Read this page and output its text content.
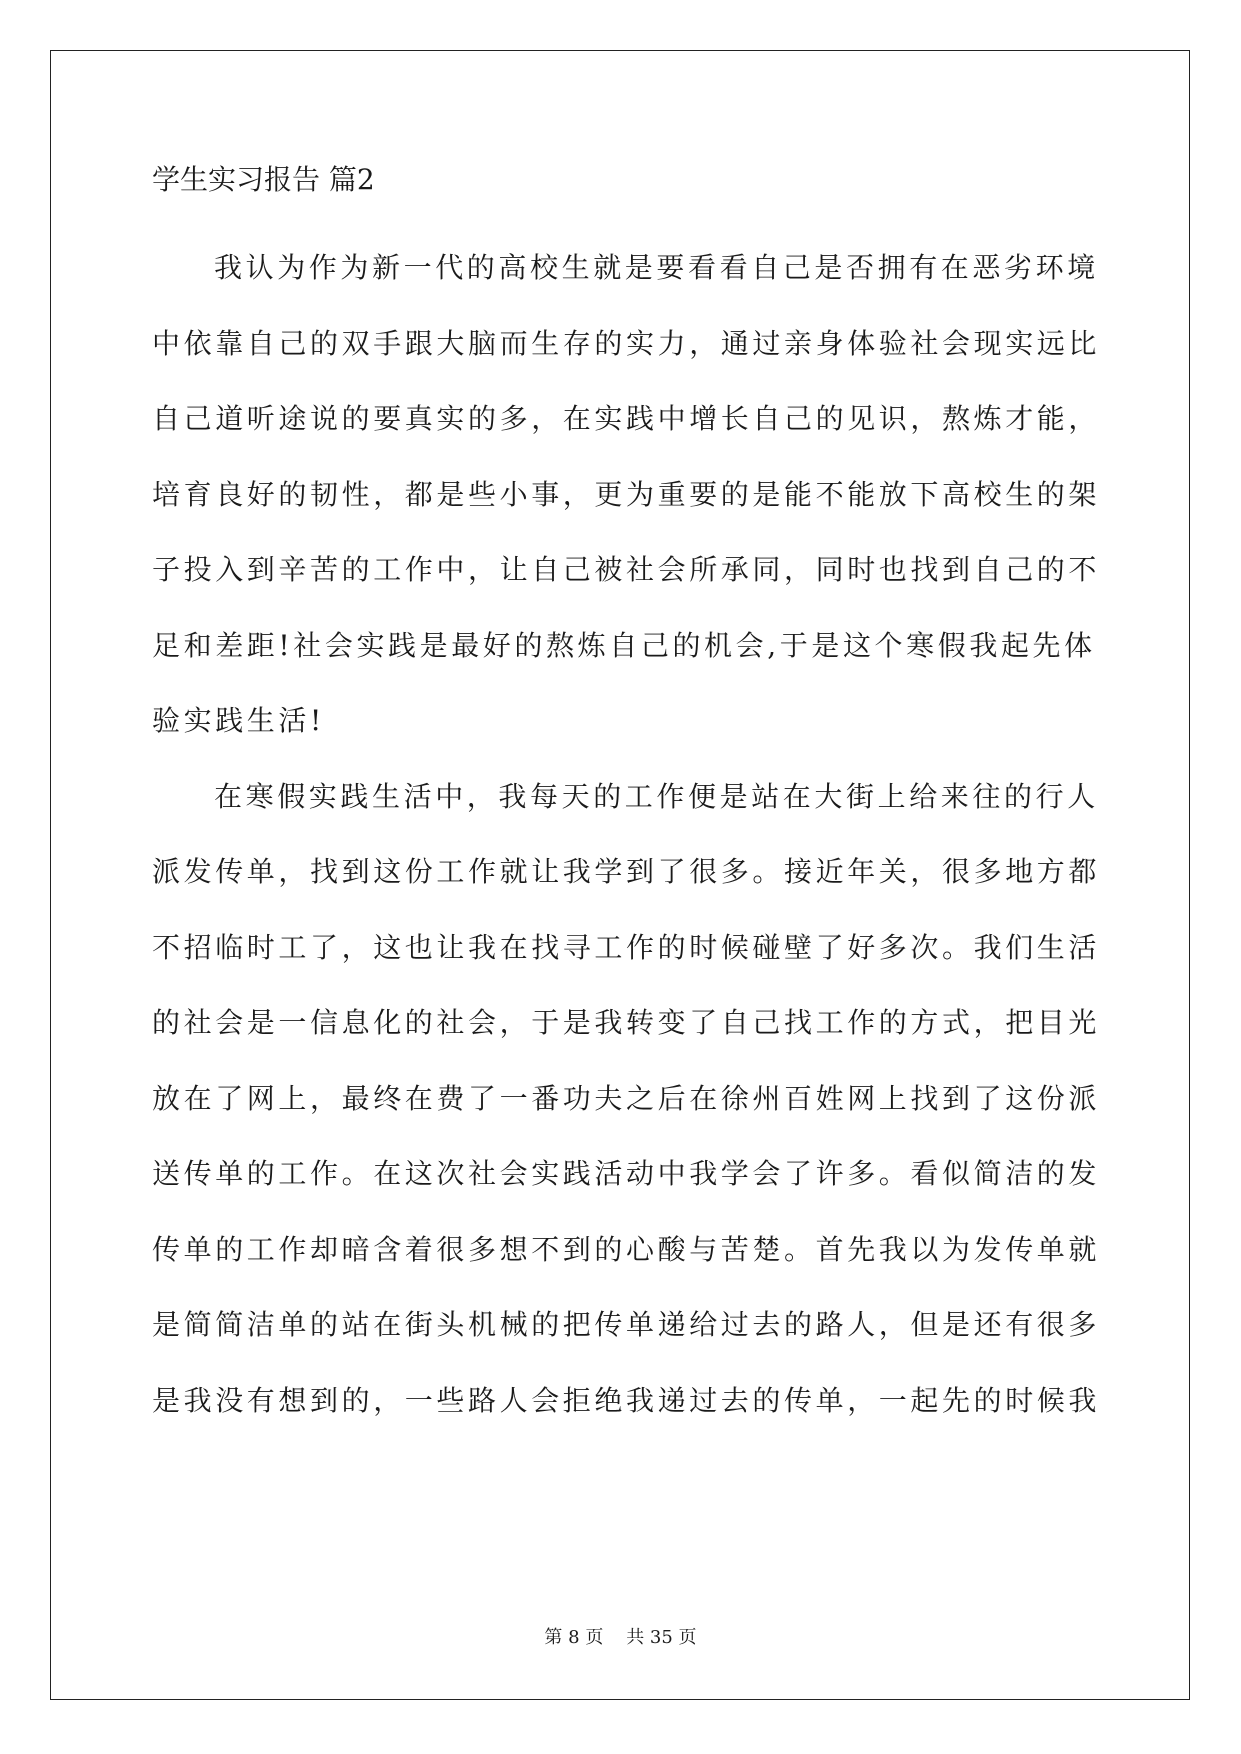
学生实习报告 篇2
我认为作为新一代的高校生就是要看看自己是否拥有在恶劣环境
中依靠自己的双手跟大脑而生存的实力，通过亲身体验社会现实远比
自己道听途说的要真实的多，在实践中增长自己的见识，熬炼才能，
培育良好的韧性，都是些小事，更为重要的是能不能放下高校生的架
子投入到辛苦的工作中，让自己被社会所承同，同时也找到自己的不
足和差距!社会实践是最好的熬炼自己的机会,于是这个寒假我起先体
验实践生活!
在寒假实践生活中，我每天的工作便是站在大街上给来往的行人
派发传单，找到这份工作就让我学到了很多。接近年关，很多地方都
不招临时工了，这也让我在找寻工作的时候碰壁了好多次。我们生活
的社会是一信息化的社会，于是我转变了自己找工作的方式，把目光
放在了网上，最终在费了一番功夫之后在徐州百姓网上找到了这份派
送传单的工作。在这次社会实践活动中我学会了许多。看似简洁的发
传单的工作却暗含着很多想不到的心酸与苦楚。首先我以为发传单就
是简简洁单的站在街头机械的把传单递给过去的路人，但是还有很多
是我没有想到的，一些路人会拒绝我递过去的传单，一起先的时候我
第 8 页    共 35 页
